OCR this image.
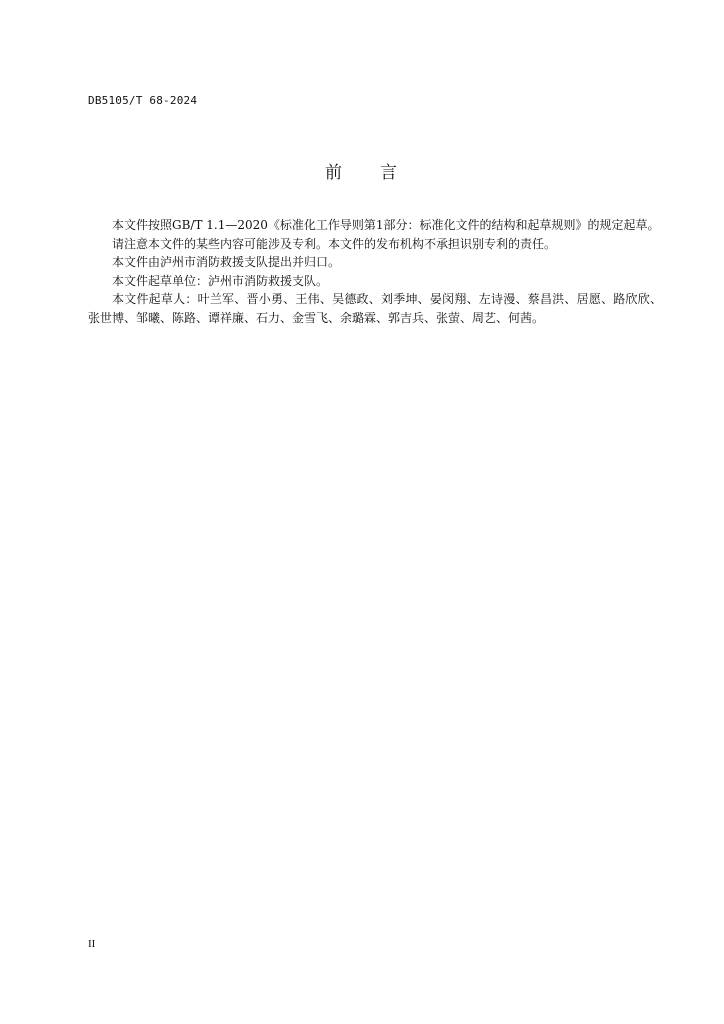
DB5105/T 68-2024
前 言

本文件按照GB/T 1.1—2020《标准化工作导则第1部分：标准化文件的结构和起草规则》的规定起草。

请注意本文件的某些内容可能涉及专利。本文件的发布机构不承担识别专利的责任。

本文件由泸州市消防救援支队提出并归口。

本文件起草单位：泸州市消防救援支队。

本文件起草人：叶兰军、晋小勇、王伟、吴德政、刘季坤、晏闵翔、左诗漫、蔡昌洪、居愿、路欣欣、张世博、邹曦、陈路、谭祥廉、石力、金雪飞、余璐霖、郭吉兵、张萤、周艺、何茜。

II
